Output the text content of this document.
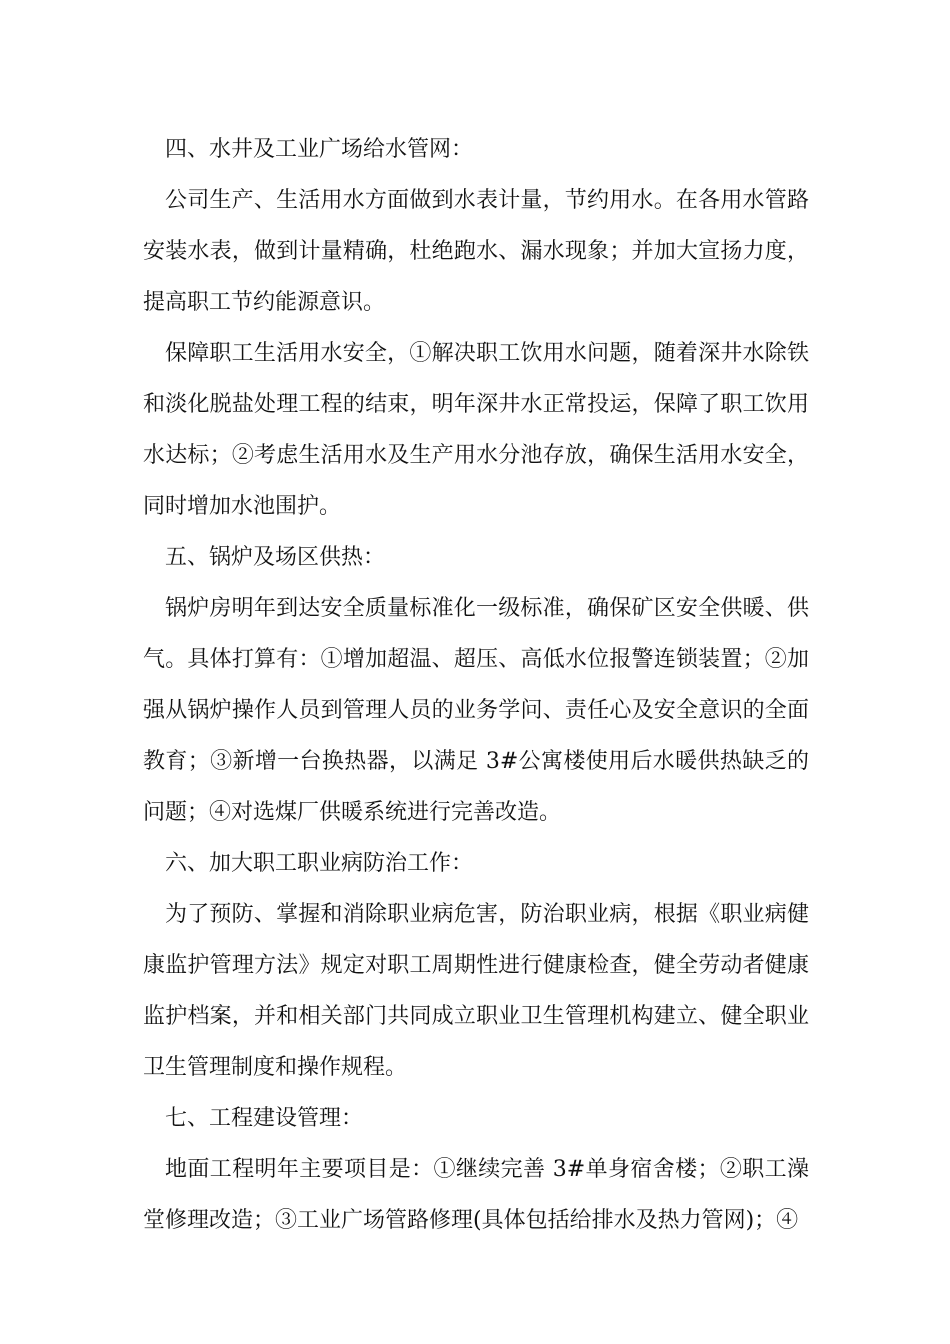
四、水井及工业广场给水管网：

公司生产、生活用水方面做到水表计量，节约用水。在各用水管路安装水表，做到计量精确，杜绝跑水、漏水现象；并加大宣扬力度，提高职工节约能源意识。

保障职工生活用水安全，①解决职工饮用水问题，随着深井水除铁和淡化脱盐处理工程的结束，明年深井水正常投运，保障了职工饮用水达标；②考虑生活用水及生产用水分池存放，确保生活用水安全，同时增加水池围护。

五、锅炉及场区供热：

锅炉房明年到达安全质量标准化一级标准，确保矿区安全供暖、供气。具体打算有：①增加超温、超压、高低水位报警连锁装置；②加强从锅炉操作人员到管理人员的业务学问、责任心及安全意识的全面教育；③新增一台换热器，以满足 3#公寓楼使用后水暖供热缺乏的问题；④对选煤厂供暖系统进行完善改造。

六、加大职工职业病防治工作：

为了预防、掌握和消除职业病危害，防治职业病，根据《职业病健康监护管理方法》规定对职工周期性进行健康检查，健全劳动者健康监护档案，并和相关部门共同成立职业卫生管理机构建立、健全职业卫生管理制度和操作规程。

七、工程建设管理：

地面工程明年主要项目是：①继续完善 3#单身宿舍楼；②职工澡堂修理改造；③工业广场管路修理(具体包括给排水及热力管网)；④
